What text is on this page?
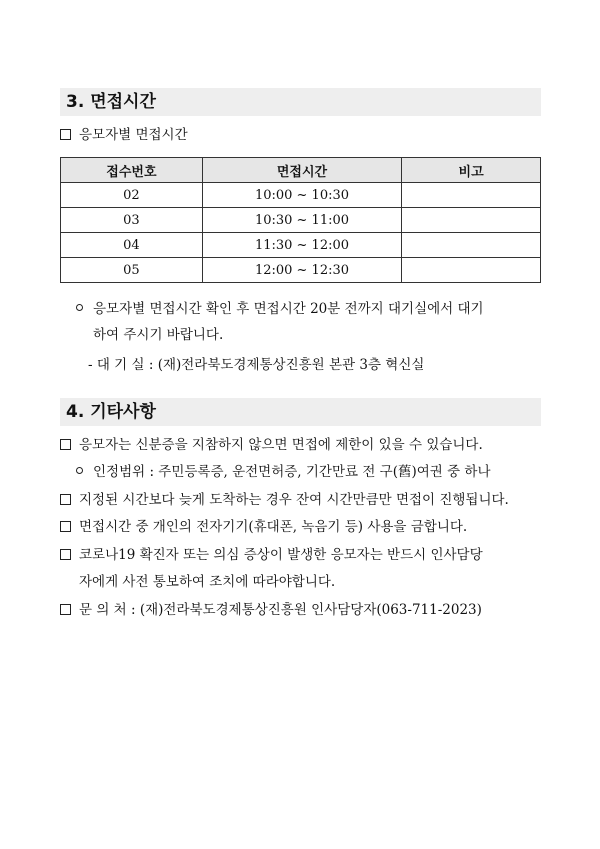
3. 면접시간
응모자별 면접시간
접수번호	면접시간	비고
02	10:00 ~ 10:30	
03	10:30 ~ 11:00	
04	11:30 ~ 12:00	
05	12:00 ~ 12:30	
응모자별 면접시간 확인 후 면접시간 20분 전까지 대기실에서 대기
하여 주시기 바랍니다.
- 대 기 실 : (재)전라북도경제통상진흥원 본관 3층 혁신실
4. 기타사항
응모자는 신분증을 지참하지 않으면 면접에 제한이 있을 수 있습니다.
인정범위 : 주민등록증, 운전면허증, 기간만료 전 구(舊)여권 중 하나
지정된 시간보다 늦게 도착하는 경우 잔여 시간만큼만 면접이 진행됩니다.
면접시간 중 개인의 전자기기(휴대폰, 녹음기 등) 사용을 금합니다.
코로나19 확진자 또는 의심 증상이 발생한 응모자는 반드시 인사담당
자에게 사전 통보하여 조치에 따라야합니다.
문 의 처 : (재)전라북도경제통상진흥원 인사담당자(063-711-2023)
